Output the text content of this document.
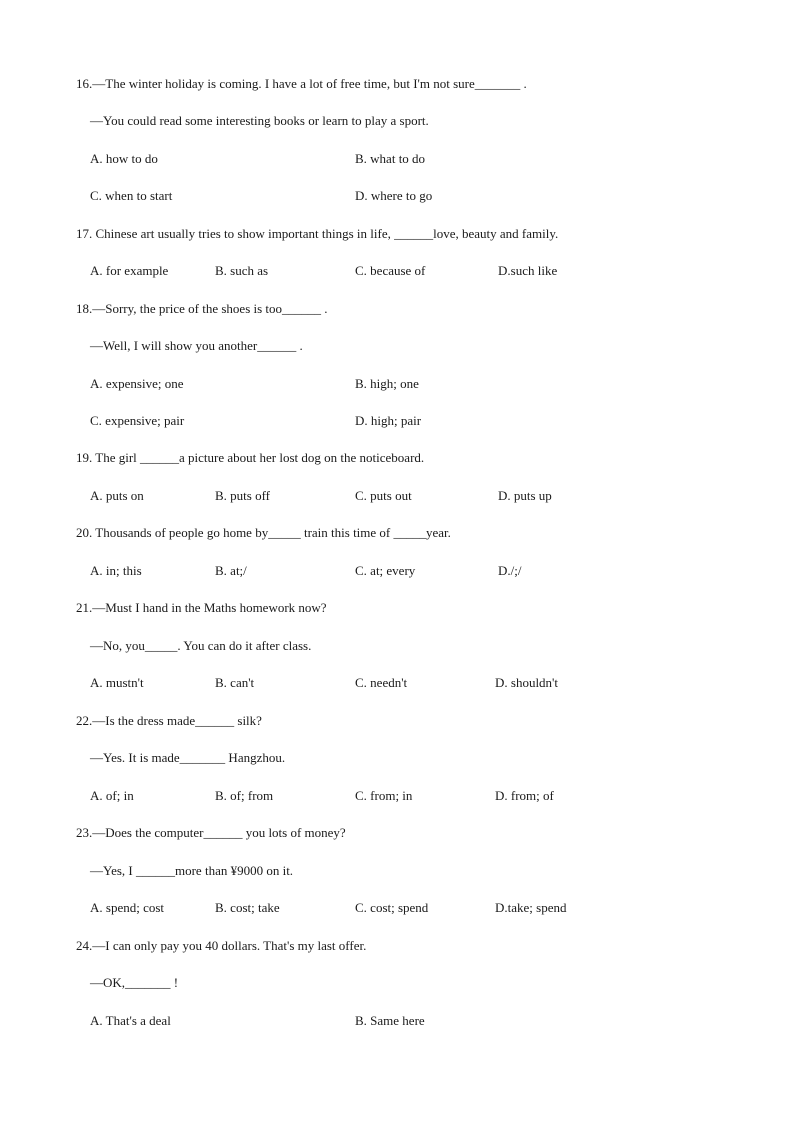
16.—The winter holiday is coming. I have a lot of free time, but I'm not sure_______ .
—You could read some interesting books or learn to play a sport.
A. how to do	B. what to do
C. when to start	D. where to go
17. Chinese art usually tries to show important things in life, ______love, beauty and family.
A. for example	B. such as	C. because of	D.such like
18.—Sorry, the price of the shoes is too______ .
—Well, I will show you another______ .
A. expensive; one	B. high; one
C. expensive; pair	D. high; pair
19. The girl ______a picture about her lost dog on the noticeboard.
A. puts on	B. puts off	C. puts out	D. puts up
20. Thousands of people go home by_____ train this time of _____year.
A. in; this	B. at;/	C. at; every	D./;/
21.—Must I hand in the Maths homework now?
—No, you_____. You can do it after class.
A. mustn't	B. can't	C. needn't	D. shouldn't
22.—Is the dress made______ silk?
—Yes. It is made_______ Hangzhou.
A. of; in	B. of; from	C. from; in	D. from; of
23.—Does the computer______ you lots of money?
—Yes, I ______more than ¥9000 on it.
A. spend; cost	B. cost; take	C. cost; spend	D.take; spend
24.—I can only pay you 40 dollars. That's my last offer.
—OK,_______ !
A. That's a deal	B. Same here
